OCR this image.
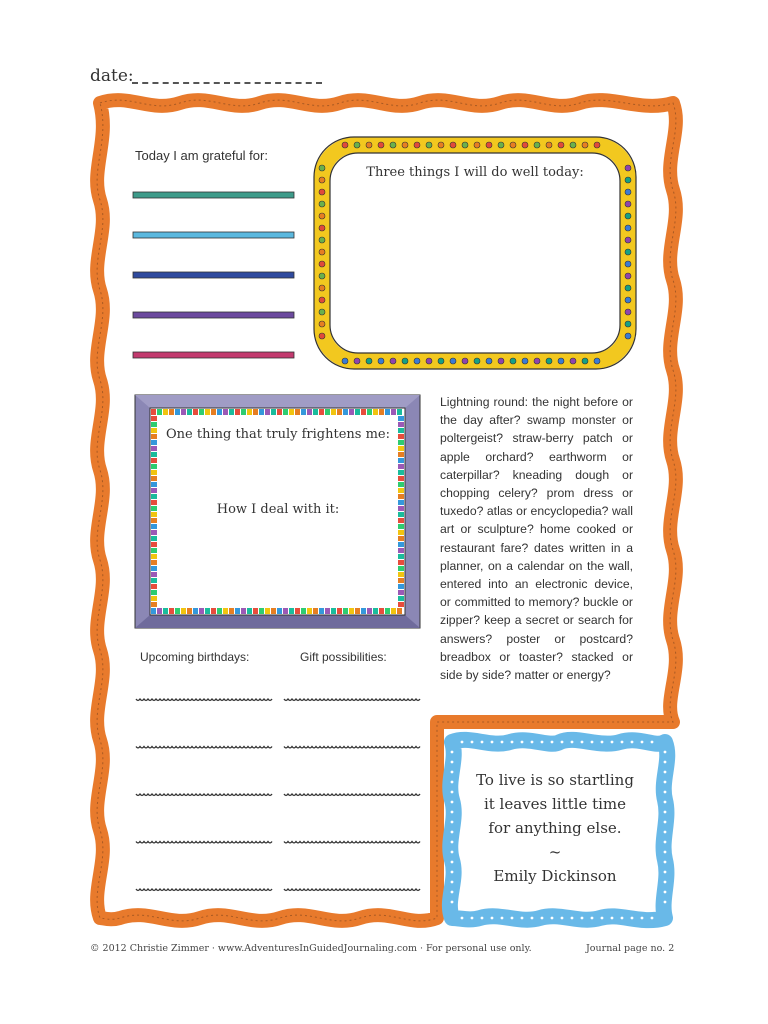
date:
Today I am grateful for:
Three things I will do well today:
One thing that truly frightens me:
How I deal with it:
Lightning round: the night before or the day after? swamp monster or poltergeist? straw-berry patch or apple orchard? earthworm or caterpillar? kneading dough or chopping celery? prom dress or tuxedo? atlas or encyclopedia? wall art or sculpture? home cooked or restaurant fare? dates written in a planner, on a calendar on the wall, entered into an electronic device, or committed to memory? buckle or zipper? keep a secret or search for answers? poster or postcard? breadbox or toaster? stacked or side by side? matter or energy?
Upcoming birthdays:	Gift possibilities:
To live is so startling
it leaves little time
for anything else.
~
Emily Dickinson
© 2012 Christie Zimmer · www.AdventuresInGuidedJournaling.com · For personal use only.	Journal page no. 2
